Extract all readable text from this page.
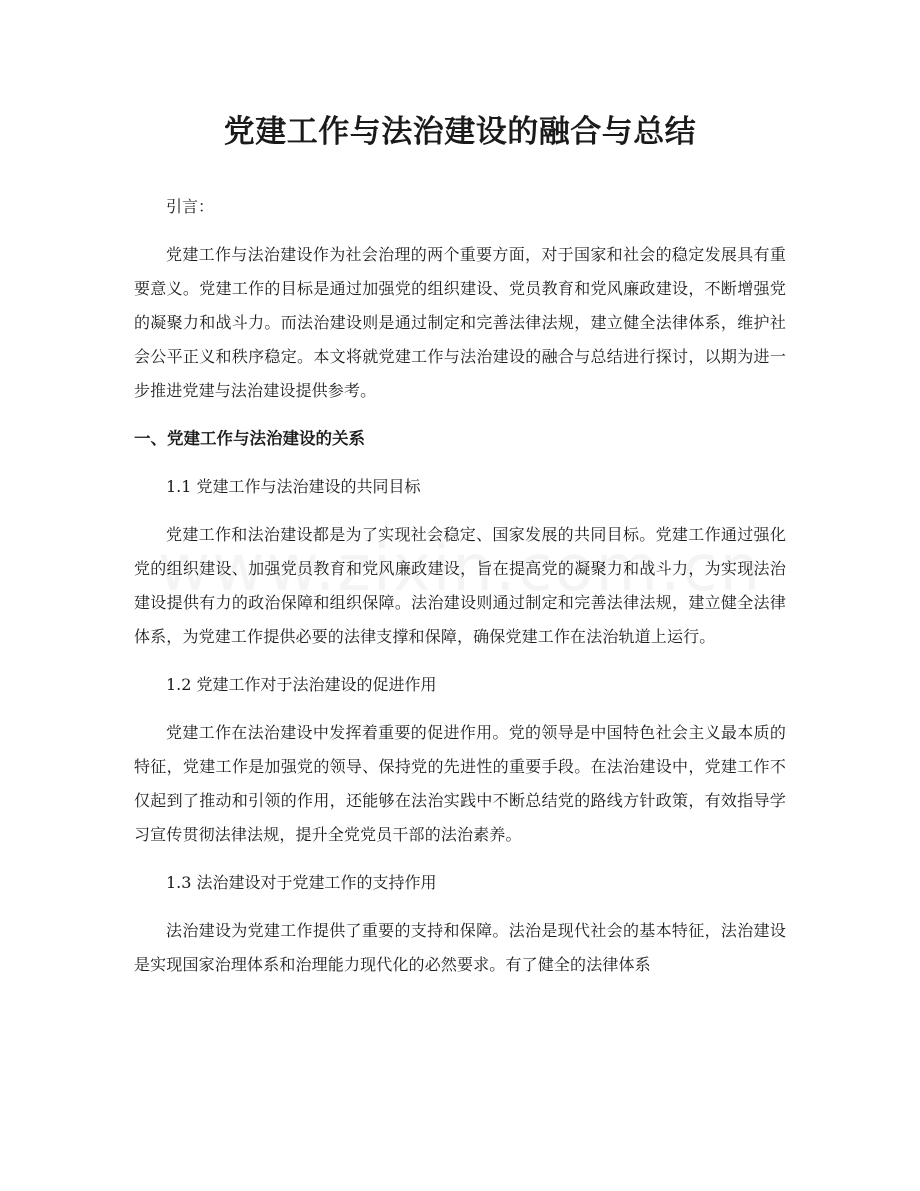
党建工作与法治建设的融合与总结

引言：

党建工作与法治建设作为社会治理的两个重要方面，对于国家和社会的稳定发展具有重要意义。党建工作的目标是通过加强党的组织建设、党员教育和党风廉政建设，不断增强党的凝聚力和战斗力。而法治建设则是通过制定和完善法律法规，建立健全法律体系，维护社会公平正义和秩序稳定。本文将就党建工作与法治建设的融合与总结进行探讨，以期为进一步推进党建与法治建设提供参考。

一、党建工作与法治建设的关系

1.1 党建工作与法治建设的共同目标

党建工作和法治建设都是为了实现社会稳定、国家发展的共同目标。党建工作通过强化党的组织建设、加强党员教育和党风廉政建设，旨在提高党的凝聚力和战斗力，为实现法治建设提供有力的政治保障和组织保障。法治建设则通过制定和完善法律法规，建立健全法律体系，为党建工作提供必要的法律支撑和保障，确保党建工作在法治轨道上运行。

1.2 党建工作对于法治建设的促进作用

党建工作在法治建设中发挥着重要的促进作用。党的领导是中国特色社会主义最本质的特征，党建工作是加强党的领导、保持党的先进性的重要手段。在法治建设中，党建工作不仅起到了推动和引领的作用，还能够在法治实践中不断总结党的路线方针政策，有效指导学习宣传贯彻法律法规，提升全党党员干部的法治素养。

1.3 法治建设对于党建工作的支持作用

法治建设为党建工作提供了重要的支持和保障。法治是现代社会的基本特征，法治建设是实现国家治理体系和治理能力现代化的必然要求。有了健全的法律体系
